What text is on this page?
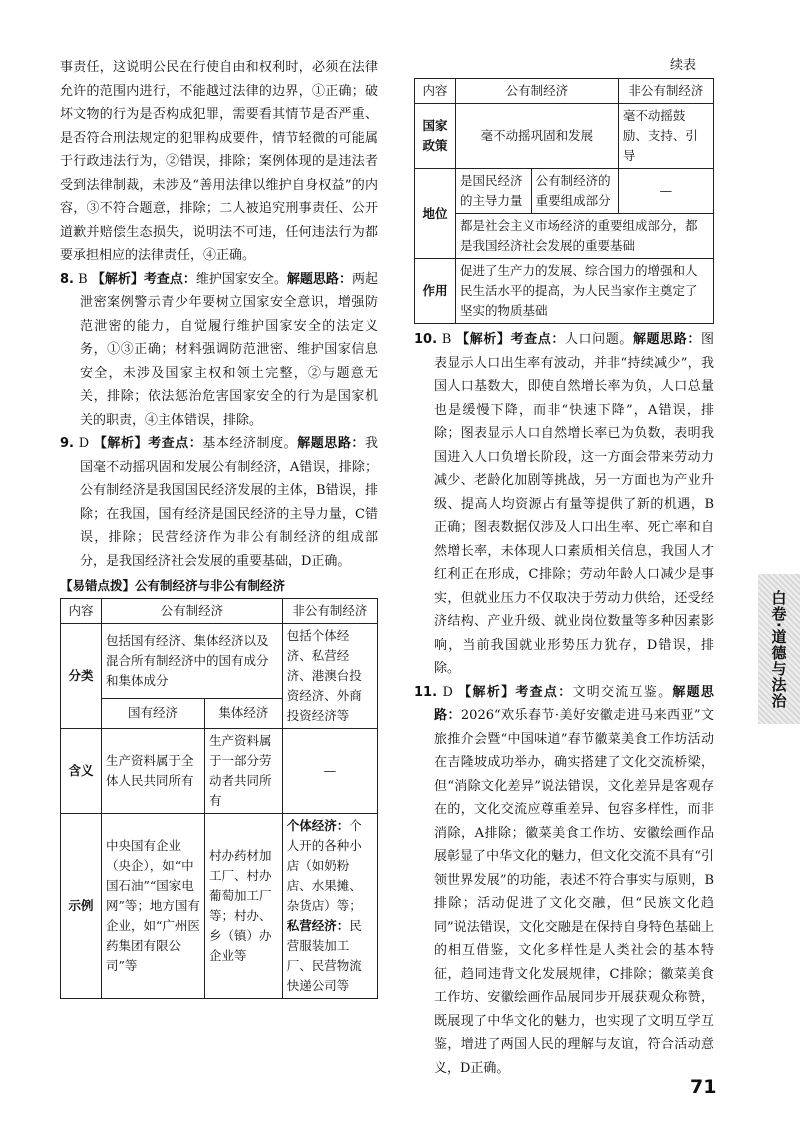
事责任，这说明公民在行使自由和权利时，必须在法律允许的范围内进行，不能越过法律的边界，①正确；破坏文物的行为是否构成犯罪，需要看其情节是否严重、是否符合刑法规定的犯罪构成要件，情节轻微的可能属于行政违法行为，②错误，排除；案例体现的是违法者受到法律制裁，未涉及“善用法律以维护自身权益”的内容，③不符合题意，排除；二人被追究刑事责任、公开道歉并赔偿生态损失，说明法不可违，任何违法行为都要承担相应的法律责任，④正确。

8. B 【解析】考查点：维护国家安全。解题思路：两起泄密案例警示青少年要树立国家安全意识，增强防范泄密的能力，自觉履行维护国家安全的法定义务，①③正确；材料强调防范泄密、维护国家信息安全，未涉及国家主权和领土完整，②与题意无关，排除；依法惩治危害国家安全的行为是国家机关的职责，④主体错误，排除。

9. D 【解析】考查点：基本经济制度。解题思路：我国毫不动摇巩固和发展公有制经济，A错误，排除；公有制经济是我国国民经济发展的主体，B错误，排除；在我国，国有经济是国民经济的主导力量，C错误，排除；民营经济作为非公有制经济的组成部分，是我国经济社会发展的重要基础，D正确。

【易错点拨】公有制经济与非公有制经济

内容	公有制经济		非公有制经济
分类	包括国有经济、集体经济以及混合所有制经济中的国有成分和集体成分		包括个体经济、私营经济、港澳台投资经济、外商投资经济等
	国有经济	集体经济	
含义	生产资料属于全体人民共同所有	生产资料属于一部分劳动者共同所有	—
示例	中央国有企业（央企），如“中国石油”“国家电网”等；地方国有企业，如“广州医药集团有限公司”等	村办药材加工厂、村办葡萄加工厂等；村办、乡（镇）办企业等	个体经济：个人开的各种小店（如奶粉店、水果摊、杂货店）等；私营经济：民营服装加工厂、民营物流快递公司等
续表
内容	公有制经济		非公有制经济
国家政策	毫不动摇巩固和发展		毫不动摇鼓励、支持、引导
地位	是国民经济的主导力量	公有制经济的重要组成部分	—
	都是社会主义市场经济的重要组成部分，都是我国经济社会发展的重要基础		
作用	促进了生产力的发展、综合国力的增强和人民生活水平的提高，为人民当家作主奠定了坚实的物质基础		

10. B 【解析】考查点：人口问题。解题思路：图表显示人口出生率有波动，并非“持续减少”，我国人口基数大，即使自然增长率为负，人口总量也是缓慢下降，而非“快速下降”，A错误，排除；图表显示人口自然增长率已为负数，表明我国进入人口负增长阶段，这一方面会带来劳动力减少、老龄化加剧等挑战，另一方面也为产业升级、提高人均资源占有量等提供了新的机遇，B正确；图表数据仅涉及人口出生率、死亡率和自然增长率，未体现人口素质相关信息，我国人才红利正在形成，C排除；劳动年龄人口减少是事实，但就业压力不仅取决于劳动力供给，还受经济结构、产业升级、就业岗位数量等多种因素影响，当前我国就业形势压力犹存，D错误，排除。

11. D 【解析】考查点：文明交流互鉴。解题思路：2026“欢乐春节·美好安徽走进马来西亚”文旅推介会暨“中国味道”春节徽菜美食工作坊活动在吉隆坡成功举办，确实搭建了文化交流桥梁，但“消除文化差异”说法错误，文化差异是客观存在的，文化交流应尊重差异、包容多样性，而非消除，A排除；徽菜美食工作坊、安徽绘画作品展彰显了中华文化的魅力，但文化交流不具有“引领世界发展”的功能，表述不符合事实与原则，B排除；活动促进了文化交融，但“民族文化趋同”说法错误，文化交融是在保持自身特色基础上的相互借鉴，文化多样性是人类社会的基本特征，趋同违背文化发展规律，C排除；徽菜美食工作坊、安徽绘画作品展同步开展获观众称赞，既展现了中华文化的魅力，也实现了文明互学互鉴，增进了两国人民的理解与友谊，符合活动意义，D正确。

白卷·道德与法治
71
